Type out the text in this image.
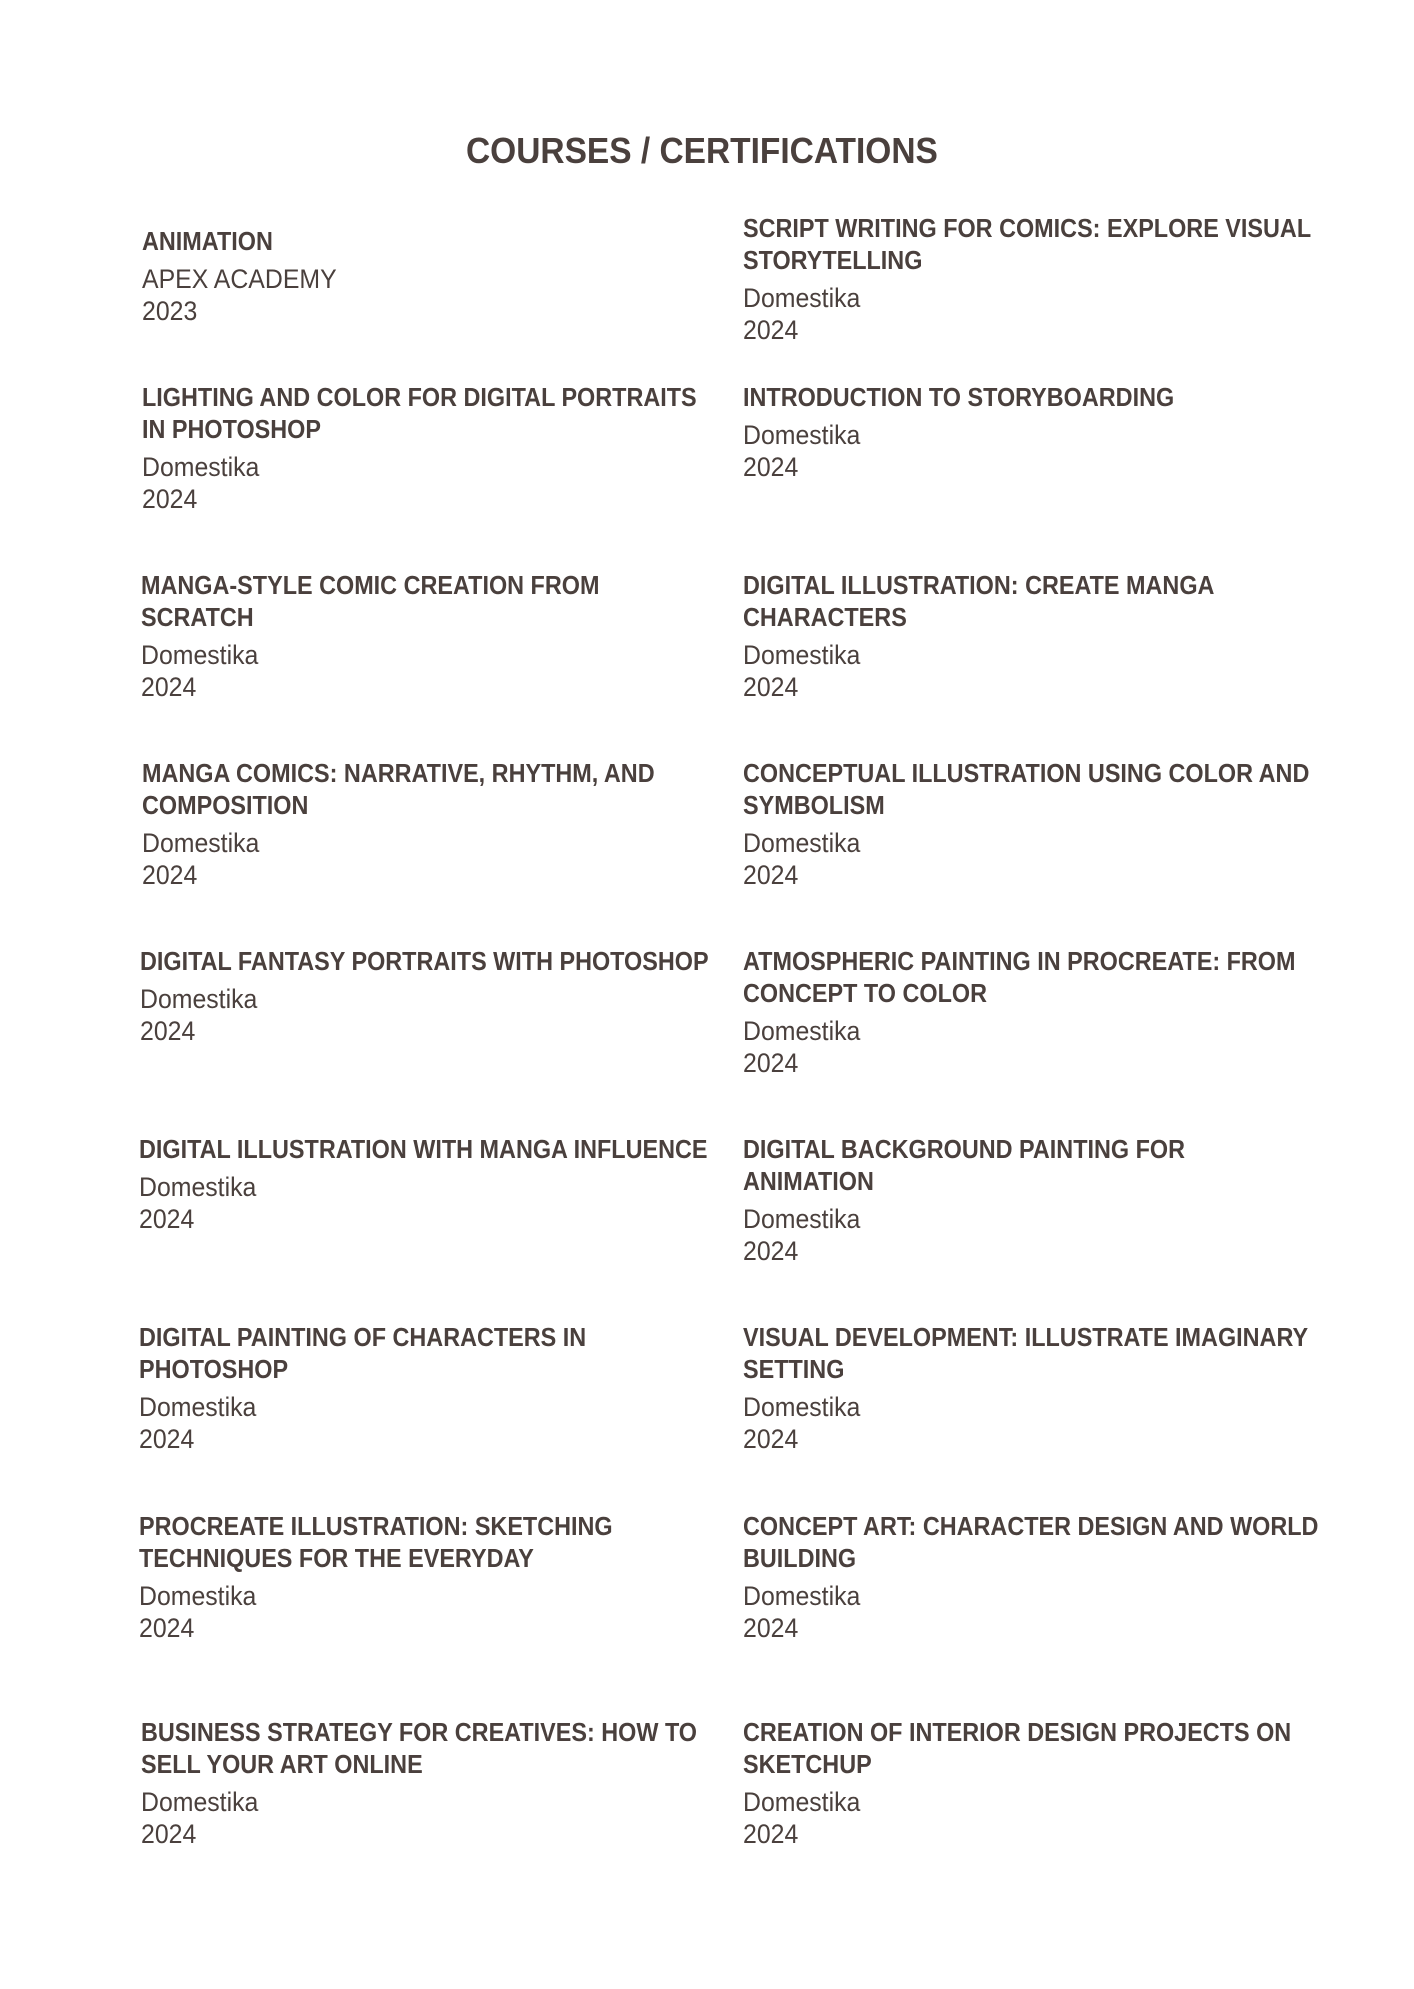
COURSES / CERTIFICATIONS
ANIMATION

APEX ACADEMY

2023

SCRIPT WRITING FOR COMICS: EXPLORE VISUAL STORYTELLING

Domestika

2024

LIGHTING AND COLOR FOR DIGITAL PORTRAITS IN PHOTOSHOP

Domestika

2024

INTRODUCTION TO STORYBOARDING

Domestika

2024

MANGA-STYLE COMIC CREATION FROM SCRATCH

Domestika

2024

DIGITAL ILLUSTRATION: CREATE MANGA CHARACTERS

Domestika

2024

MANGA COMICS: NARRATIVE, RHYTHM, AND COMPOSITION

Domestika

2024

CONCEPTUAL ILLUSTRATION USING COLOR AND SYMBOLISM

Domestika

2024

DIGITAL FANTASY PORTRAITS WITH PHOTOSHOP

Domestika

2024

ATMOSPHERIC PAINTING IN PROCREATE: FROM CONCEPT TO COLOR

Domestika

2024

DIGITAL ILLUSTRATION WITH MANGA INFLUENCE

Domestika

2024

DIGITAL BACKGROUND PAINTING FOR ANIMATION

Domestika

2024

DIGITAL PAINTING OF CHARACTERS IN PHOTOSHOP

Domestika

2024

VISUAL DEVELOPMENT: ILLUSTRATE IMAGINARY SETTING

Domestika

2024

PROCREATE ILLUSTRATION: SKETCHING TECHNIQUES FOR THE EVERYDAY

Domestika

2024

CONCEPT ART: CHARACTER DESIGN AND WORLD BUILDING

Domestika

2024

BUSINESS STRATEGY FOR CREATIVES: HOW TO SELL YOUR ART ONLINE

Domestika

2024

CREATION OF INTERIOR DESIGN PROJECTS ON SKETCHUP

Domestika

2024
